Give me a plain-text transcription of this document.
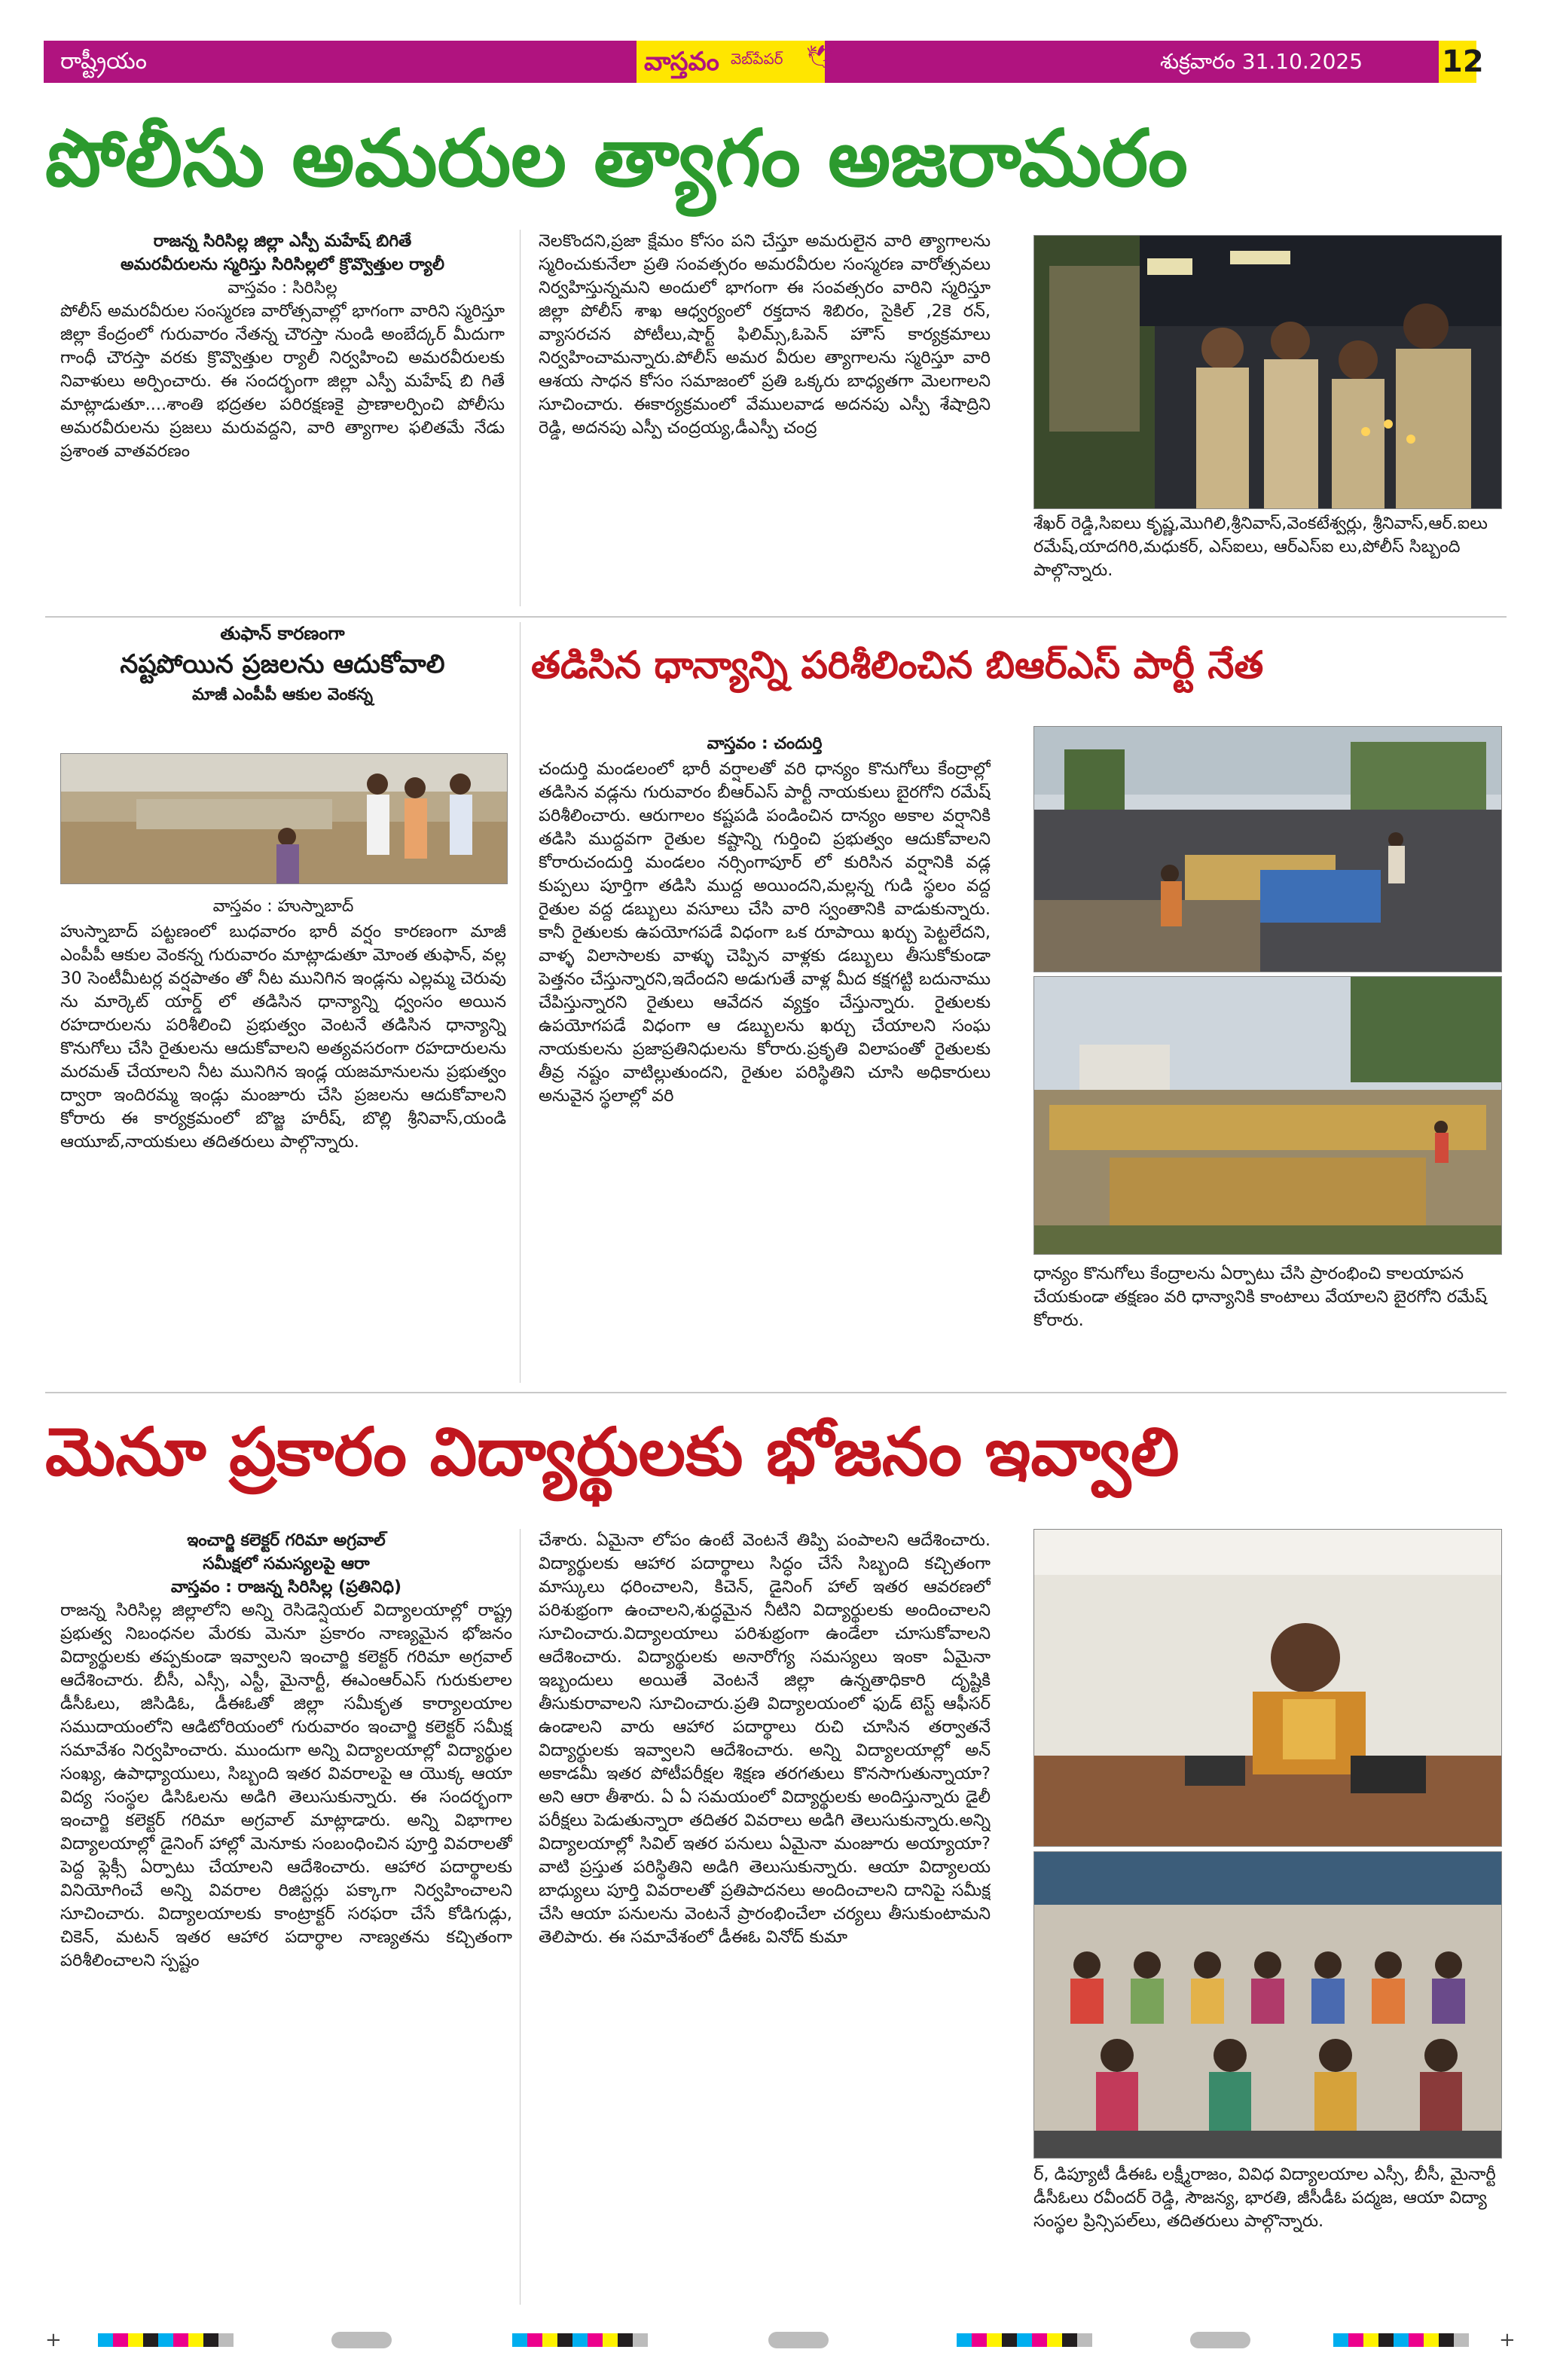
రాష్ట్రీయం	వాస్తవం వెబ్‌పేపర్ 🕊	శుక్రవారం 31.10.2025	12
పోలీసు అమరుల త్యాగం అజరామరం
రాజన్న సిరిసిల్ల జిల్లా ఎస్పీ మహేష్ బిగితే
అమరవీరులను స్మరిస్తు సిరిసిల్లలో క్రొవ్వొత్తుల ర్యాలీ
వాస్తవం : సిరిసిల్ల
పోలీస్ అమరవీరుల సంస్మరణ వారోత్సవాల్లో భాగంగా వారిని స్మరిస్తూ జిల్లా కేంద్రంలో గురువారం నేతన్న చౌరస్తా నుండి అంబేద్కర్ మీదుగా గాంధీ చౌరస్తా వరకు క్రొవ్వొత్తుల ర్యాలీ నిర్వహించి అమరవీరులకు నివాళులు అర్పించారు. ఈ సందర్భంగా జిల్లా ఎస్పీ మహేష్ బి గితే మాట్లాడుతూ....శాంతి భద్రతల పరిరక్షణకై ప్రాణాలర్పించి పోలీసు అమరవీరులను ప్రజలు మరువద్దని, వారి త్యాగాల ఫలితమే నేడు ప్రశాంత వాతవరణం
నెలకొందని,ప్రజా క్షేమం కోసం పని చేస్తూ అమరులైన వారి త్యాగాలను స్మరించుకునేలా ప్రతి సంవత్సరం అమరవీరుల సంస్మరణ వారోత్సవలు నిర్వహిస్తున్నమని అందులో భాగంగా ఈ సంవత్సరం వారిని స్మరిస్తూ జిల్లా పోలీస్ శాఖ ఆధ్వర్యంలో రక్తదాన శిబిరం, సైకిల్ ,2కె రన్, వ్యాసరచన పోటీలు,షార్ట్ ఫిలిమ్స్,ఓపెన్ హౌస్ కార్యక్రమాలు నిర్వహించామన్నారు.పోలీస్ అమర వీరుల త్యాగాలను స్మరిస్తూ వారి ఆశయ సాధన కోసం సమాజంలో ప్రతి ఒక్కరు బాధ్యతగా మెలగాలని సూచించారు. ఈకార్యక్రమంలో వేములవాడ అదనపు ఎస్పీ శేషాద్రిని రెడ్డి, అదనపు ఎస్పీ చంద్రయ్య,డీఎస్పీ చంద్ర
శేఖర్ రెడ్డి,సిఐలు కృష్ణ,మొగిలి,శ్రీనివాస్,వెంకటేశ్వర్లు, శ్రీనివాస్,ఆర్.ఐలు రమేష్,యాదగిరి,మధుకర్, ఎస్ఐలు, ఆర్ఎస్ఐ లు,పోలీస్ సిబ్బంది పాల్గొన్నారు.
తుఫాన్ కారణంగా
నష్టపోయిన ప్రజలను ఆదుకోవాలి
మాజీ ఎంపీపీ ఆకుల వెంకన్న
వాస్తవం : హుస్నాబాద్
హుస్నాబాద్ పట్టణంలో బుధవారం భారీ వర్షం కారణంగా మాజీ ఎంపీపీ ఆకుల వెంకన్న గురువారం మాట్లాడుతూ మోంత తుఫాన్, వల్ల 30 సెంటీమీటర్ల వర్షపాతం తో నీట మునిగిన ఇండ్లను ఎల్లమ్మ చెరువు ను మార్కెట్ యార్డ్ లో తడిసిన ధాన్యాన్ని ధ్వంసం అయిన రహదారులను పరిశీలించి ప్రభుత్వం వెంటనే తడిసిన ధాన్యాన్ని కొనుగోలు చేసి రైతులను ఆదుకోవాలని అత్యవసరంగా రహదారులను మరమత్ చేయాలని నీట మునిగిన ఇండ్ల యజమానులను ప్రభుత్వం ద్వారా ఇందిరమ్మ ఇండ్లు మంజూరు చేసి ప్రజలను ఆదుకోవాలని కోరారు ఈ కార్యక్రమంలో బొజ్జ హరీష్, బొల్లి శ్రీనివాస్,యండి ఆయూబ్,నాయకులు తదితరులు పాల్గొన్నారు.
తడిసిన ధాన్యాన్ని పరిశీలించిన బిఆర్ఎస్ పార్టీ నేత
వాస్తవం : చందుర్తి
చందుర్తి మండలంలో భారీ వర్షాలతో వరి ధాన్యం కొనుగోలు కేంద్రాల్లో తడిసిన వడ్లను గురువారం బీఆర్ఎస్ పార్టీ నాయకులు బైరగోని రమేష్ పరిశీలించారు. ఆరుగాలం కష్టపడి పండించిన దాన్యం అకాల వర్షానికి తడిసి ముద్దవగా రైతుల కష్టాన్ని గుర్తించి ప్రభుత్వం ఆదుకోవాలని కోరారుచందుర్తి మండలం నర్సింగాపూర్ లో కురిసిన వర్షానికి వడ్ల కుప్పలు పూర్తిగా తడిసి ముద్ద అయిందని,మల్లన్న గుడి స్థలం వద్ద రైతుల వద్ద డబ్బులు వసూలు చేసి వారి స్వంతానికి వాడుకున్నారు. కానీ రైతులకు ఉపయోగపడే విధంగా ఒక రూపాయి ఖర్చు పెట్టలేదని, వాళ్ళ విలాసాలకు వాళ్ళు చెప్పిన వాళ్లకు డబ్బులు తీసుకోకుండా పెత్తనం చేస్తున్నారని,ఇదేందని అడుగుతే వాళ్ల మీద కక్షగట్టి బదునాము చేపిస్తున్నారని రైతులు ఆవేదన వ్యక్తం చేస్తున్నారు. రైతులకు ఉపయోగపడే విధంగా ఆ డబ్బులను ఖర్చు చేయాలని సంఘ నాయకులను ప్రజాప్రతినిధులను కోరారు.ప్రకృతి విలాపంతో రైతులకు తీవ్ర నష్టం వాటిల్లుతుందని, రైతుల పరిస్థితిని చూసి అధికారులు అనువైన స్థలాల్లో వరి
ధాన్యం కొనుగోలు కేంద్రాలను ఏర్పాటు చేసి ప్రారంభించి కాలయాపన చేయకుండా తక్షణం వరి ధాన్యానికి కాంటాలు వేయాలని బైరగోని రమేష్ కోరారు.
మెనూ ప్రకారం విద్యార్థులకు భోజనం ఇవ్వాలి
ఇంచార్జి కలెక్టర్ గరిమా అగ్రవాల్
సమీక్షలో సమస్యలపై ఆరా
వాస్తవం : రాజన్న సిరిసిల్ల (ప్రతినిధి)
రాజన్న సిరిసిల్ల జిల్లాలోని అన్ని రెసిడెన్షియల్ విద్యాలయాల్లో రాష్ట్ర ప్రభుత్వ నిబంధనల మేరకు మెనూ ప్రకారం నాణ్యమైన భోజనం విద్యార్థులకు తప్పకుండా ఇవ్వాలని ఇంచార్జి కలెక్టర్ గరిమా అగ్రవాల్ ఆదేశించారు. బీసీ, ఎస్సీ, ఎస్టీ, మైనార్టీ, ఈఎంఆర్ఎస్ గురుకులాల డీసీఓలు, జిసిడిఓ, డీఈఓతో జిల్లా సమీకృత కార్యాలయాల సముదాయంలోని ఆడిటోరియంలో గురువారం ఇంచార్జి కలెక్టర్ సమీక్ష సమావేశం నిర్వహించారు. ముందుగా అన్ని విద్యాలయాల్లో విద్యార్థుల సంఖ్య, ఉపాధ్యాయులు, సిబ్బంది ఇతర వివరాలపై ఆ యొక్క ఆయా విద్య సంస్థల డిసిఓలను అడిగి తెలుసుకున్నారు. ఈ సందర్భంగా ఇంచార్జి కలెక్టర్ గరిమా అగ్రవాల్ మాట్లాడారు. అన్ని విభాగాల విద్యాలయాల్లో డైనింగ్ హాల్లో మెనూకు సంబంధించిన పూర్తి వివరాలతో పెద్ద ఫ్లెక్సీ ఏర్పాటు చేయాలని ఆదేశించారు. ఆహార పదార్థాలకు వినియోగించే అన్ని వివరాల రిజిస్టర్లు పక్కాగా నిర్వహించాలని సూచించారు. విద్యాలయాలకు కాంట్రాక్టర్ సరఫరా చేసే కోడిగుడ్లు, చికెన్, మటన్ ఇతర ఆహార పదార్థాల నాణ్యతను కచ్చితంగా పరిశీలించాలని స్పష్టం
చేశారు. ఏమైనా లోపం ఉంటే వెంటనే తిప్పి పంపాలని ఆదేశించారు. విద్యార్థులకు ఆహార పదార్థాలు సిద్ధం చేసే సిబ్బంది కచ్చితంగా మాస్కులు ధరించాలని, కిచెన్, డైనింగ్ హాల్ ఇతర ఆవరణలో పరిశుభ్రంగా ఉంచాలని,శుద్ధమైన నీటిని విద్యార్థులకు అందించాలని సూచించారు.విద్యాలయాలు పరిశుభ్రంగా ఉండేలా చూసుకోవాలని ఆదేశించారు. విద్యార్థులకు అనారోగ్య సమస్యలు ఇంకా ఏమైనా ఇబ్బందులు అయితే వెంటనే జిల్లా ఉన్నతాధికారి దృష్టికి తీసుకురావాలని సూచించారు.ప్రతి విద్యాలయంలో ఫుడ్ టెస్ట్ ఆఫీసర్ ఉండాలని వారు ఆహార పదార్థాలు రుచి చూసిన తర్వాతనే విద్యార్థులకు ఇవ్వాలని ఆదేశించారు. అన్ని విద్యాలయాల్లో అన్ అకాడమీ ఇతర పోటీపరీక్షల శిక్షణ తరగతులు కొనసాగుతున్నాయా? అని ఆరా తీశారు. ఏ ఏ సమయంలో విద్యార్థులకు అందిస్తున్నారు డైలీ పరీక్షలు పెడుతున్నారా తదితర వివరాలు అడిగి తెలుసుకున్నారు.అన్ని విద్యాలయాల్లో సివిల్ ఇతర పనులు ఏమైనా మంజూరు అయ్యాయా? వాటి ప్రస్తుత పరిస్థితిని అడిగి తెలుసుకున్నారు. ఆయా విద్యాలయ బాధ్యులు పూర్తి వివరాలతో ప్రతిపాదనలు అందించాలని దానిపై సమీక్ష చేసి ఆయా పనులను వెంటనే ప్రారంభించేలా చర్యలు తీసుకుంటామని తెలిపారు. ఈ సమావేశంలో డీఈఓ వినోద్ కుమా
ర్, డిప్యూటీ డీఈఓ లక్ష్మీరాజం, వివిధ విద్యాలయాల ఎస్సీ, బీసీ, మైనార్టీ డీసీఓలు రవీందర్ రెడ్డి, సౌజన్య, భారతి, జీసీడీఓ పద్మజ, ఆయా విద్యా సంస్థల ప్రిన్సిపల్‌లు, తదితరులు పాల్గొన్నారు.
+	+
